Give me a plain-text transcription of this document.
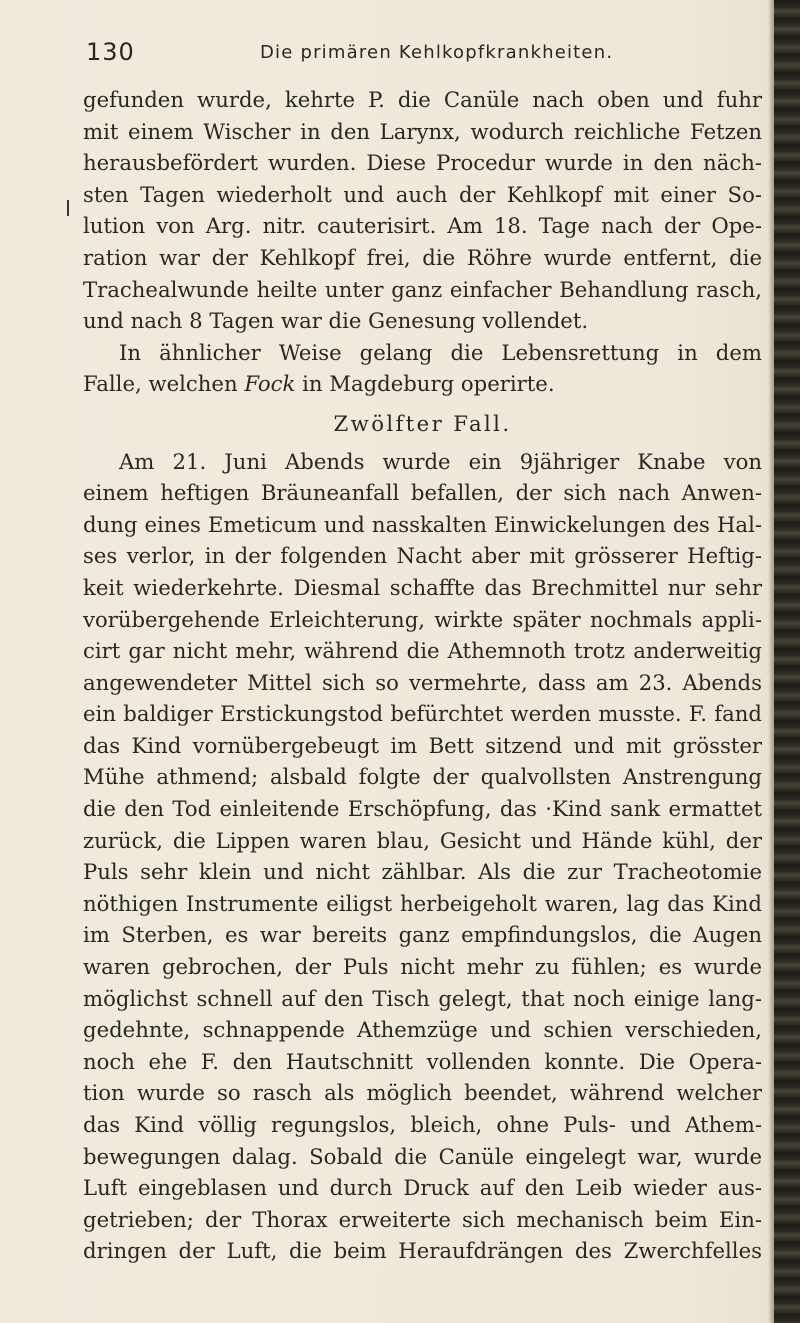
130	Die primären Kehlkopfkrankheiten.
gefunden wurde, kehrte P. die Canüle nach oben und fuhr
mit einem Wischer in den Larynx, wodurch reichliche Fetzen
herausbefördert wurden. Diese Procedur wurde in den näch-
sten Tagen wiederholt und auch der Kehlkopf mit einer So-
lution von Arg. nitr. cauterisirt. Am 18. Tage nach der Ope-
ration war der Kehlkopf frei, die Röhre wurde entfernt, die
Trachealwunde heilte unter ganz einfacher Behandlung rasch,
und nach 8 Tagen war die Genesung vollendet.
In ähnlicher Weise gelang die Lebensrettung in dem
Falle, welchen Fock in Magdeburg operirte.
Zwölfter Fall.
Am 21. Juni Abends wurde ein 9jähriger Knabe von
einem heftigen Bräuneanfall befallen, der sich nach Anwen-
dung eines Emeticum und nasskalten Einwickelungen des Hal-
ses verlor, in der folgenden Nacht aber mit grösserer Heftig-
keit wiederkehrte. Diesmal schaffte das Brechmittel nur sehr
vorübergehende Erleichterung, wirkte später nochmals appli-
cirt gar nicht mehr, während die Athemnoth trotz anderweitig
angewendeter Mittel sich so vermehrte, dass am 23. Abends
ein baldiger Erstickungstod befürchtet werden musste. F. fand
das Kind vornübergebeugt im Bett sitzend und mit grösster
Mühe athmend; alsbald folgte der qualvollsten Anstrengung
die den Tod einleitende Erschöpfung, das ·Kind sank ermattet
zurück, die Lippen waren blau, Gesicht und Hände kühl, der
Puls sehr klein und nicht zählbar. Als die zur Tracheotomie
nöthigen Instrumente eiligst herbeigeholt waren, lag das Kind
im Sterben, es war bereits ganz empfindungslos, die Augen
waren gebrochen, der Puls nicht mehr zu fühlen; es wurde
möglichst schnell auf den Tisch gelegt, that noch einige lang-
gedehnte, schnappende Athemzüge und schien verschieden,
noch ehe F. den Hautschnitt vollenden konnte. Die Opera-
tion wurde so rasch als möglich beendet, während welcher
das Kind völlig regungslos, bleich, ohne Puls- und Athem-
bewegungen dalag. Sobald die Canüle eingelegt war, wurde
Luft eingeblasen und durch Druck auf den Leib wieder aus-
getrieben; der Thorax erweiterte sich mechanisch beim Ein-
dringen der Luft, die beim Heraufdrängen des Zwerchfelles
